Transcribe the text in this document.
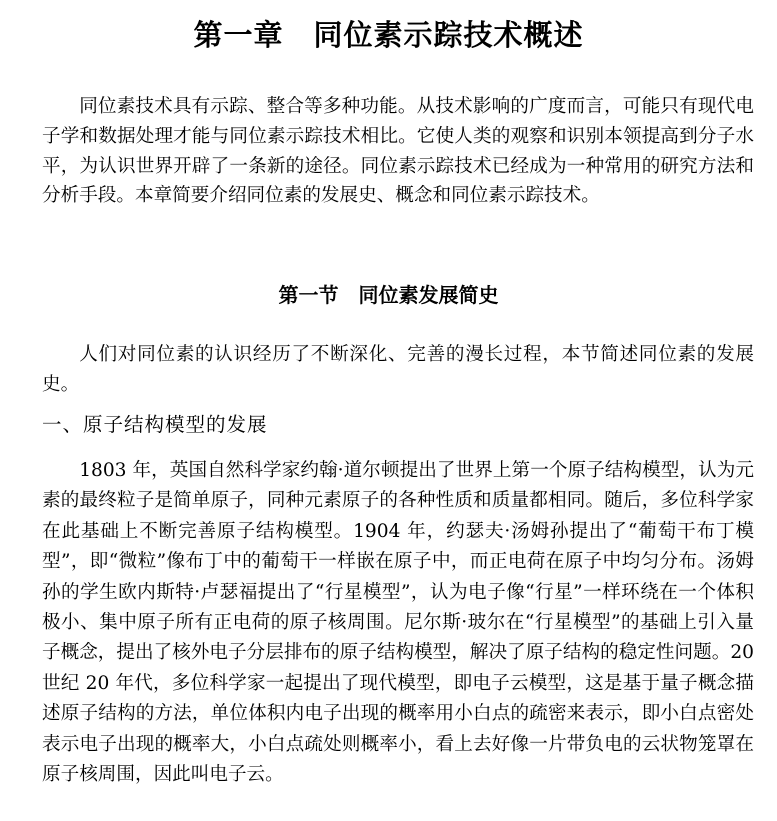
第一章　同位素示踪技术概述

同位素技术具有示踪、整合等多种功能。从技术影响的广度而言，可能只有现代电子学和数据处理才能与同位素示踪技术相比。它使人类的观察和识别本领提高到分子水平，为认识世界开辟了一条新的途径。同位素示踪技术已经成为一种常用的研究方法和分析手段。本章简要介绍同位素的发展史、概念和同位素示踪技术。

第一节　同位素发展简史

人们对同位素的认识经历了不断深化、完善的漫长过程，本节简述同位素的发展史。

一、原子结构模型的发展

1803 年，英国自然科学家约翰·道尔顿提出了世界上第一个原子结构模型，认为元素的最终粒子是简单原子，同种元素原子的各种性质和质量都相同。随后，多位科学家在此基础上不断完善原子结构模型。1904 年，约瑟夫·汤姆孙提出了“葡萄干布丁模型”，即“微粒”像布丁中的葡萄干一样嵌在原子中，而正电荷在原子中均匀分布。汤姆孙的学生欧内斯特·卢瑟福提出了“行星模型”，认为电子像“行星”一样环绕在一个体积极小、集中原子所有正电荷的原子核周围。尼尔斯·玻尔在“行星模型”的基础上引入量子概念，提出了核外电子分层排布的原子结构模型，解决了原子结构的稳定性问题。20 世纪 20 年代，多位科学家一起提出了现代模型，即电子云模型，这是基于量子概念描述原子结构的方法，单位体积内电子出现的概率用小白点的疏密来表示，即小白点密处表示电子出现的概率大，小白点疏处则概率小，看上去好像一片带负电的云状物笼罩在原子核周围，因此叫电子云。
